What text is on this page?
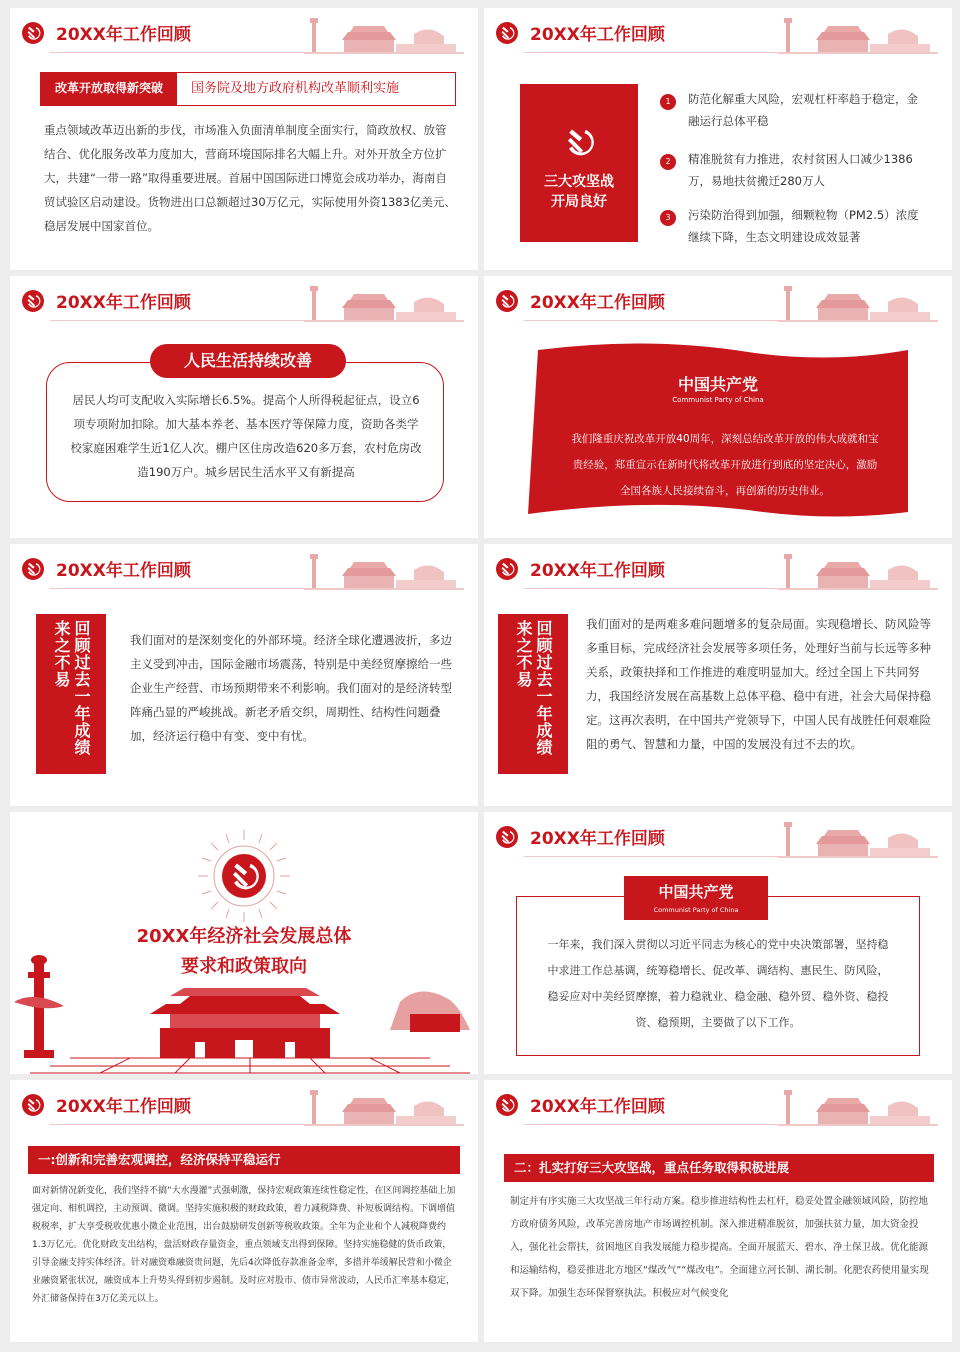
20XX年工作回顾
改革开放取得新突破	国务院及地方政府机构改革顺利实施
重点领域改革迈出新的步伐，市场准入负面清单制度全面实行，简政放权、放管结合、优化服务改革力度加大，营商环境国际排名大幅上升。对外开放全方位扩大，共建“一带一路”取得重要进展。首届中国国际进口博览会成功举办，海南自贸试验区启动建设。货物进出口总额超过30万亿元，实际使用外资1383亿美元、稳居发展中国家首位。
20XX年工作回顾
三大攻坚战
开局良好
1	防范化解重大风险，宏观杠杆率趋于稳定，金融运行总体平稳
2	精准脱贫有力推进，农村贫困人口减少1386万，易地扶贫搬迁280万人
3	污染防治得到加强，细颗粒物（PM2.5）浓度继续下降，生态文明建设成效显著
20XX年工作回顾
人民生活持续改善
居民人均可支配收入实际增长6.5%。提高个人所得税起征点，设立6项专项附加扣除。加大基本养老、基本医疗等保障力度，资助各类学校家庭困难学生近1亿人次。棚户区住房改造620多万套，农村危房改造190万户。城乡居民生活水平又有新提高
20XX年工作回顾
中国共产党
Communist Party of China
我们隆重庆祝改革开放40周年，深刻总结改革开放的伟大成就和宝贵经验，郑重宣示在新时代将改革开放进行到底的坚定决心，激励全国各族人民接续奋斗，再创新的历史伟业。
20XX年工作回顾
回顾过去一年成绩来之不易	我们面对的是深刻变化的外部环境。经济全球化遭遇波折，多边主义受到冲击，国际金融市场震荡，特别是中美经贸摩擦给一些企业生产经营、市场预期带来不利影响。我们面对的是经济转型阵痛凸显的严峻挑战。新老矛盾交织，周期性、结构性问题叠加，经济运行稳中有变、变中有忧。
20XX年工作回顾
回顾过去一年成绩来之不易	我们面对的是两难多难问题增多的复杂局面。实现稳增长、防风险等多重目标，完成经济社会发展等多项任务，处理好当前与长远等多种关系，政策抉择和工作推进的难度明显加大。经过全国上下共同努力，我国经济发展在高基数上总体平稳、稳中有进，社会大局保持稳定。这再次表明，在中国共产党领导下，中国人民有战胜任何艰难险阻的勇气、智慧和力量，中国的发展没有过不去的坎。
20XX年经济社会发展总体
要求和政策取向
20XX年工作回顾
中国共产党
Communist Party of China
一年来，我们深入贯彻以习近平同志为核心的党中央决策部署，坚持稳中求进工作总基调，统筹稳增长、促改革、调结构、惠民生、防风险，稳妥应对中美经贸摩擦，着力稳就业、稳金融、稳外贸、稳外资、稳投资、稳预期，主要做了以下工作。
20XX年工作回顾
一:创新和完善宏观调控，经济保持平稳运行
面对新情况新变化，我们坚持不搞“大水漫灌”式强刺激，保持宏观政策连续性稳定性，在区间调控基础上加强定向、相机调控，主动预调、微调。坚持实施积极的财政政策，着力减税降费、补短板调结构。下调增值税税率，扩大享受税收优惠小微企业范围，出台鼓励研发创新等税收政策。全年为企业和个人减税降费约1.3万亿元。优化财政支出结构，盘活财政存量资金，重点领域支出得到保障。坚持实施稳健的货币政策，引导金融支持实体经济。针对融资难融资贵问题，先后4次降低存款准备金率，多措并举缓解民营和小微企业融资紧张状况，融资成本上升势头得到初步遏制。及时应对股市、债市异常波动，人民币汇率基本稳定，外汇储备保持在3万亿美元以上。
20XX年工作回顾
二：扎实打好三大攻坚战，重点任务取得积极进展
制定并有序实施三大攻坚战三年行动方案。稳步推进结构性去杠杆，稳妥处置金融领域风险，防控地方政府债务风险，改革完善房地产市场调控机制。深入推进精准脱贫，加强扶贫力量，加大资金投入，强化社会帮扶，贫困地区自我发展能力稳步提高。全面开展蓝天、碧水、净土保卫战。优化能源和运输结构，稳妥推进北方地区“煤改气”“煤改电”。全面建立河长制、湖长制。化肥农药使用量实现双下降。加强生态环保督察执法。积极应对气候变化
